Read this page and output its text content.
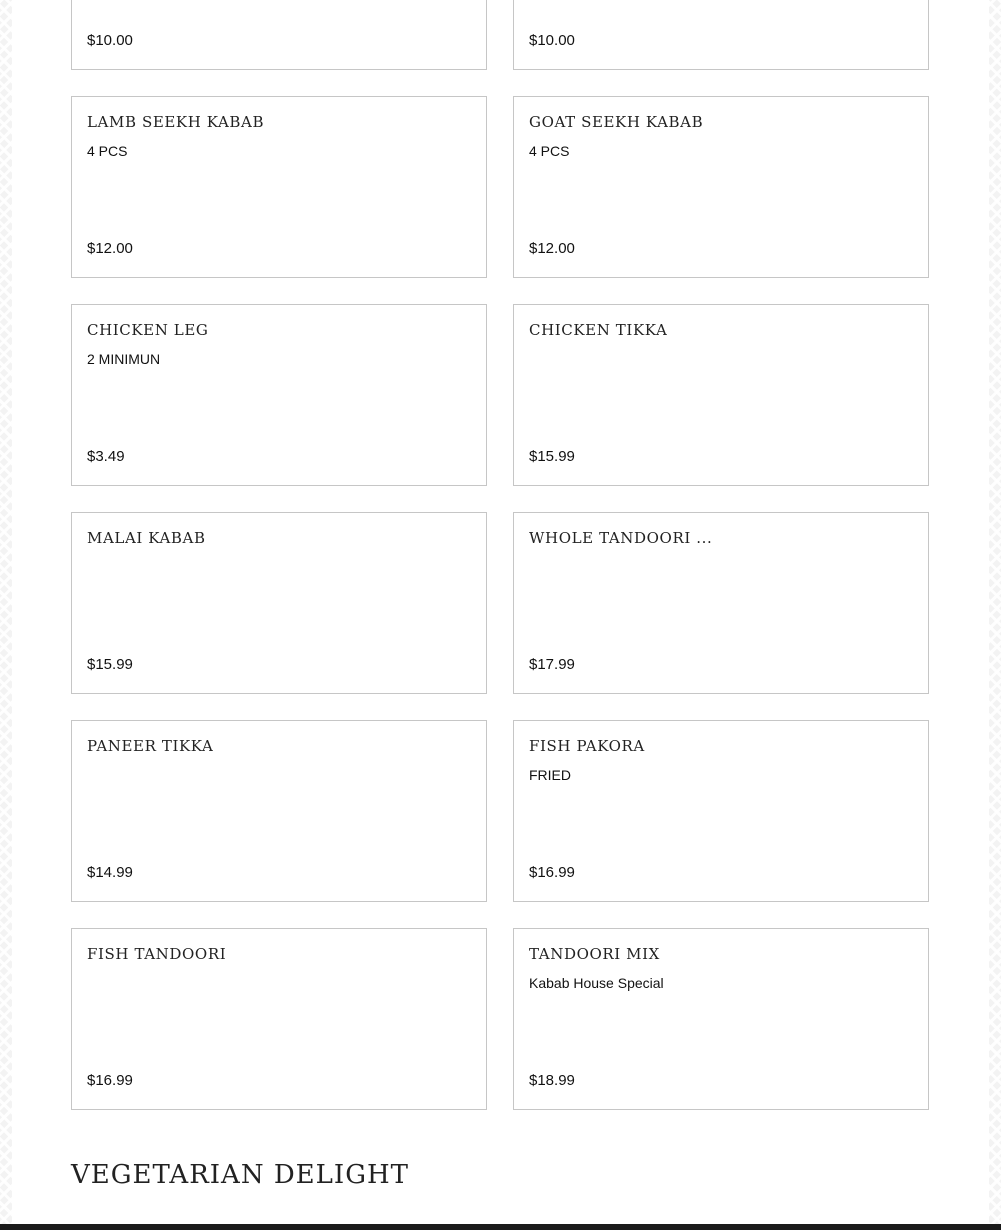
$10.00	$10.00
LAMB SEEKH KABAB
4 PCS
$12.00
GOAT SEEKH KABAB
4 PCS
$12.00
CHICKEN LEG
2 MINIMUN
$3.49
CHICKEN TIKKA
$15.99
MALAI KABAB
$15.99
WHOLE TANDOORI ...
$17.99
PANEER TIKKA
$14.99
FISH PAKORA
FRIED
$16.99
FISH TANDOORI
$16.99
TANDOORI MIX
Kabab House Special
$18.99
VEGETARIAN DELIGHT
